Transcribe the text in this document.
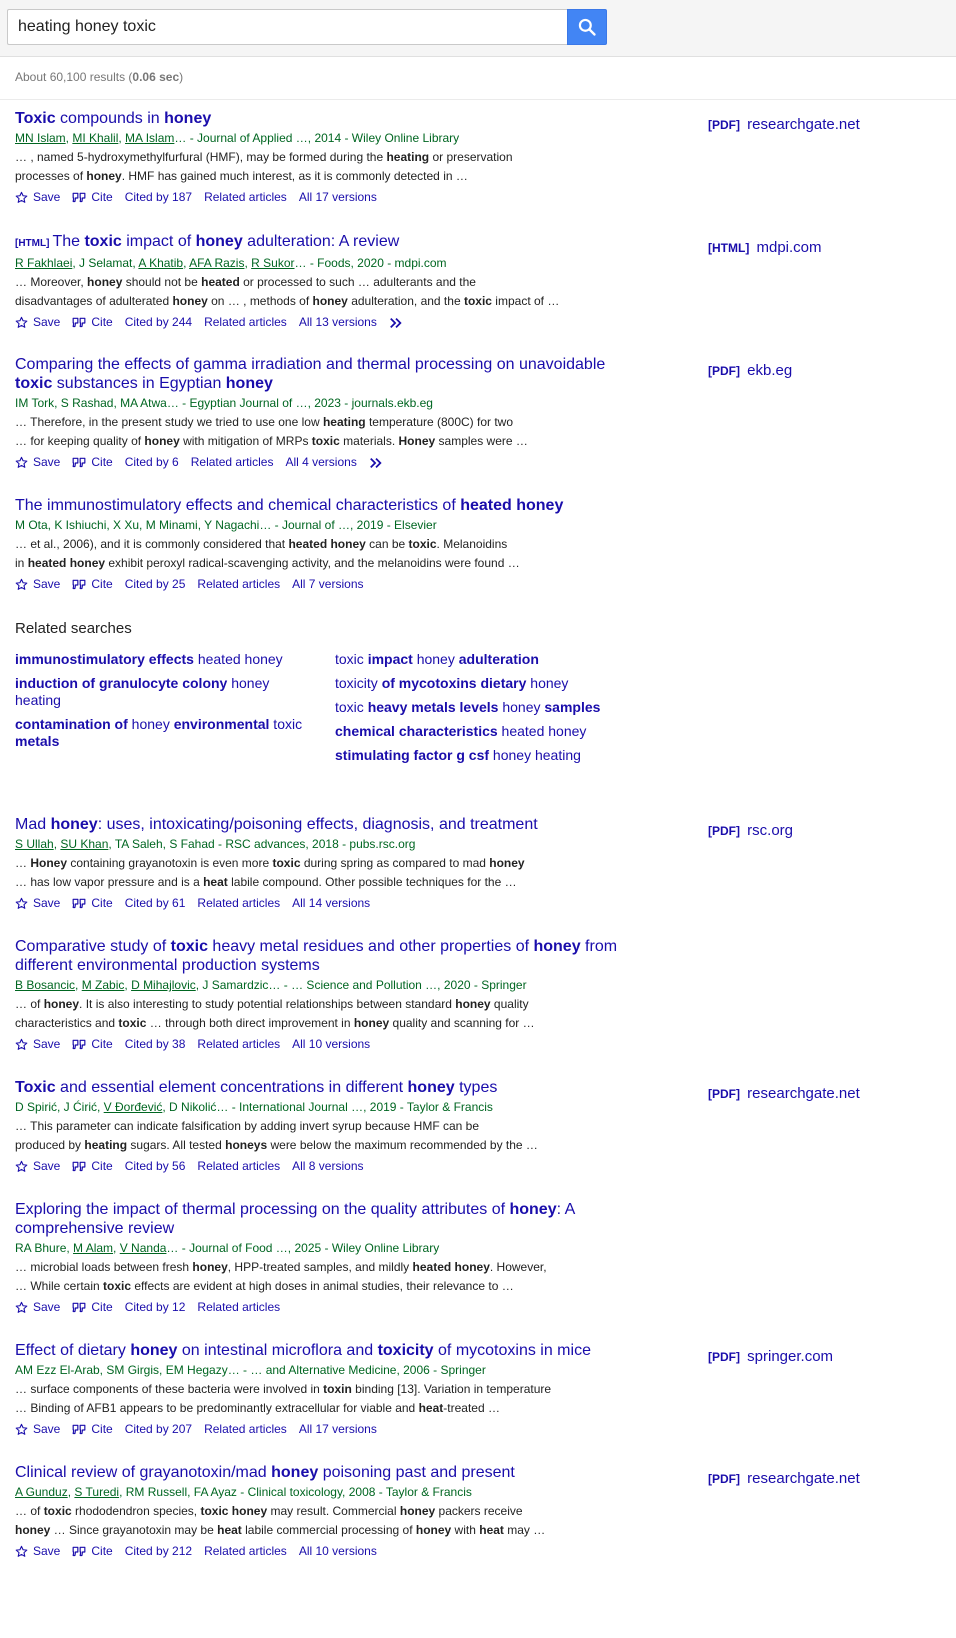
heating honey toxic
About 60,100 results (0.06 sec)
Toxic compounds in honey
MN Islam, MI Khalil, MA Islam… - Journal of Applied …, 2014 - Wiley Online Library
… , named 5-hydroxymethylfurfural (HMF), may be formed during the heating or preservation
processes of honey. HMF has gained much interest, as it is commonly detected in …
Save	Cite Cited by 187 Related articles All 17 versions
[PDF] researchgate.net
[HTML] The toxic impact of honey adulteration: A review
R Fakhlaei, J Selamat, A Khatib, AFA Razis, R Sukor… - Foods, 2020 - mdpi.com
… Moreover, honey should not be heated or processed to such … adulterants and the
disadvantages of adulterated honey on … , methods of honey adulteration, and the toxic impact of …
Save	Cite Cited by 244 Related articles All 13 versions
[HTML] mdpi.com
Comparing the effects of gamma irradiation and thermal processing on unavoidable toxic substances in Egyptian honey
IM Tork, S Rashad, MA Atwa… - Egyptian Journal of …, 2023 - journals.ekb.eg
… Therefore, in the present study we tried to use one low heating temperature (800C) for two
… for keeping quality of honey with mitigation of MRPs toxic materials. Honey samples were …
Save	Cite Cited by 6 Related articles All 4 versions
[PDF] ekb.eg
The immunostimulatory effects and chemical characteristics of heated honey
M Ota, K Ishiuchi, X Xu, M Minami, Y Nagachi… - Journal of …, 2019 - Elsevier
… et al., 2006), and it is commonly considered that heated honey can be toxic. Melanoidins
in heated honey exhibit peroxyl radical-scavenging activity, and the melanoidins were found …
Save	Cite Cited by 25 Related articles All 7 versions
Related searches
immunostimulatory effects heated honey
induction of granulocyte colony honey heating
contamination of honey environmental toxic metals
toxic impact honey adulteration
toxicity of mycotoxins dietary honey
toxic heavy metals levels honey samples
chemical characteristics heated honey
stimulating factor g csf honey heating
Mad honey: uses, intoxicating/poisoning effects, diagnosis, and treatment
S Ullah, SU Khan, TA Saleh, S Fahad - RSC advances, 2018 - pubs.rsc.org
… Honey containing grayanotoxin is even more toxic during spring as compared to mad honey
… has low vapor pressure and is a heat labile compound. Other possible techniques for the …
Save	Cite Cited by 61 Related articles All 14 versions
[PDF] rsc.org
Comparative study of toxic heavy metal residues and other properties of honey from different environmental production systems
B Bosancic, M Zabic, D Mihajlovic, J Samardzic… - … Science and Pollution …, 2020 - Springer
… of honey. It is also interesting to study potential relationships between standard honey quality
characteristics and toxic … through both direct improvement in honey quality and scanning for …
Save	Cite Cited by 38 Related articles All 10 versions
Toxic and essential element concentrations in different honey types
D Spirić, J Ćirić, V Đorđević, D Nikolić… - International Journal …, 2019 - Taylor & Francis
… This parameter can indicate falsification by adding invert syrup because HMF can be
produced by heating sugars. All tested honeys were below the maximum recommended by the …
Save	Cite Cited by 56 Related articles All 8 versions
[PDF] researchgate.net
Exploring the impact of thermal processing on the quality attributes of honey: A comprehensive review
RA Bhure, M Alam, V Nanda… - Journal of Food …, 2025 - Wiley Online Library
… microbial loads between fresh honey, HPP-treated samples, and mildly heated honey. However,
… While certain toxic effects are evident at high doses in animal studies, their relevance to …
Save	Cite Cited by 12 Related articles
Effect of dietary honey on intestinal microflora and toxicity of mycotoxins in mice
AM Ezz El-Arab, SM Girgis, EM Hegazy… - … and Alternative Medicine, 2006 - Springer
… surface components of these bacteria were involved in toxin binding [13]. Variation in temperature
… Binding of AFB1 appears to be predominantly extracellular for viable and heat-treated …
Save	Cite Cited by 207 Related articles All 17 versions
[PDF] springer.com
Clinical review of grayanotoxin/mad honey poisoning past and present
A Gunduz, S Turedi, RM Russell, FA Ayaz - Clinical toxicology, 2008 - Taylor & Francis
… of toxic rhododendron species, toxic honey may result. Commercial honey packers receive
honey … Since grayanotoxin may be heat labile commercial processing of honey with heat may …
Save	Cite Cited by 212 Related articles All 10 versions
[PDF] researchgate.net
